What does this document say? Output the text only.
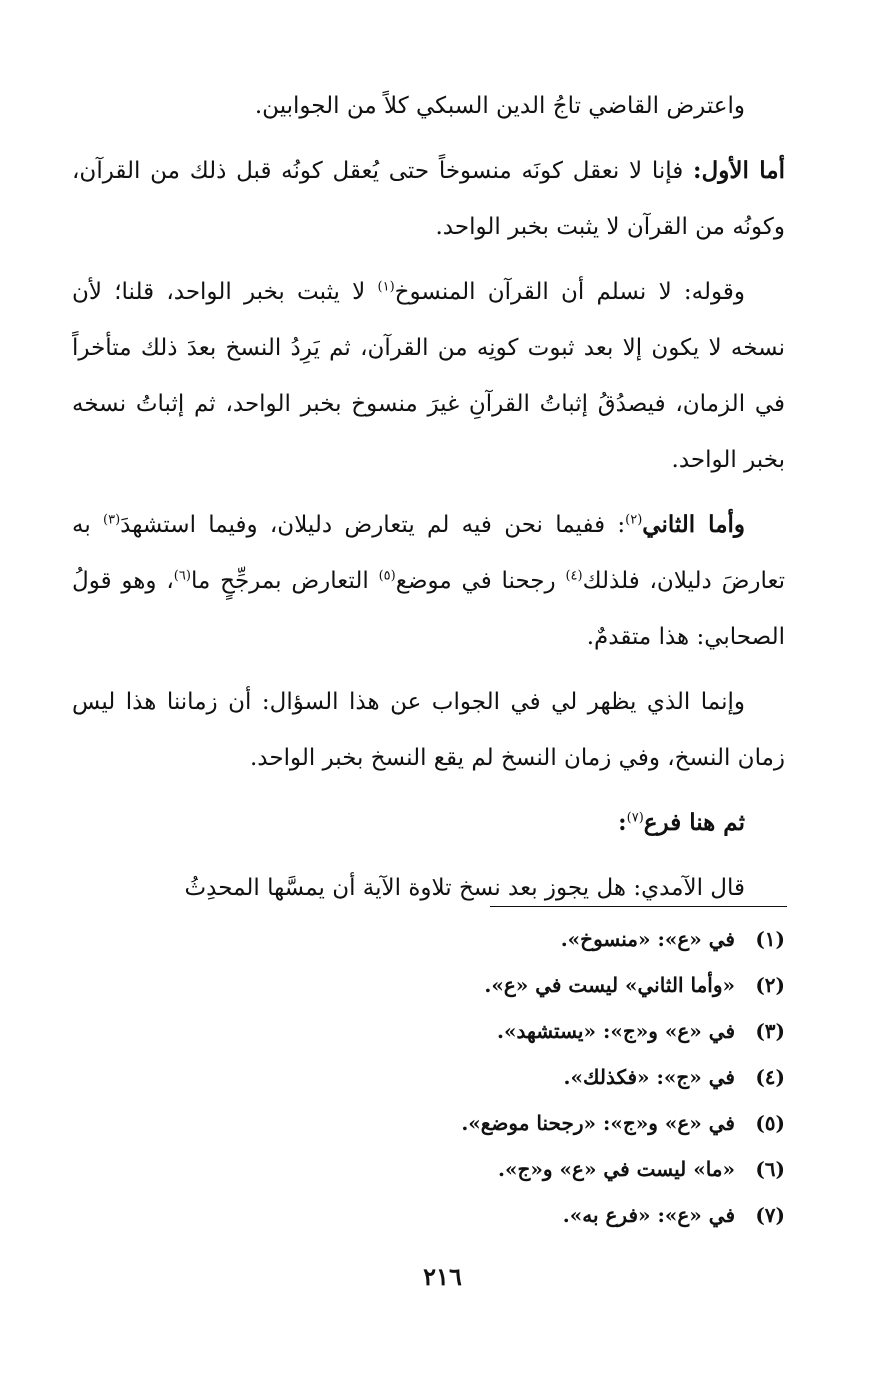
واعترض القاضي تاجُ الدين السبكي كلاً من الجوابين.

أما الأول: فإنا لا نعقل كونَه منسوخاً حتى يُعقل كونُه قبل ذلك من القرآن، وكونُه من القرآن لا يثبت بخبر الواحد.

وقوله: لا نسلم أن القرآن المنسوخ$^{(١)}$ لا يثبت بخبر الواحد، قلنا؛ لأن نسخه لا يكون إلا بعد ثبوت كونِه من القرآن، ثم يَرِدُ النسخ بعدَ ذلك متأخراً في الزمان، فيصدُقُ إثباتُ القرآنِ غيرَ منسوخ بخبر الواحد، ثم إثباتُ نسخه بخبر الواحد.

وأما الثاني$^{(٢)}$: ففيما نحن فيه لم يتعارض دليلان، وفيما استشهدَ$^{(٣)}$ به تعارضَ دليلان، فلذلك$^{(٤)}$ رجحنا في موضع$^{(٥)}$ التعارض بمرجِّحٍ ما$^{(٦)}$، وهو قولُ الصحابي: هذا متقدمٌ.

وإنما الذي يظهر لي في الجواب عن هذا السؤال: أن زماننا هذا ليس زمان النسخ، وفي زمان النسخ لم يقع النسخ بخبر الواحد.

ثم هنا فرع$^{(٧)}$:

قال الآمدي: هل يجوز بعد نسخ تلاوة الآية أن يمسَّها المحدِثُ

(١)في «ع»: «منسوخ».
(٢)«وأما الثاني» ليست في «ع».
(٣)في «ع» و«ج»: «يستشهد».
(٤)في «ج»: «فكذلك».
(٥)في «ع» و«ج»: «رجحنا موضع».
(٦)«ما» ليست في «ع» و«ج».
(٧)في «ع»: «فرع به».
٢١٦
